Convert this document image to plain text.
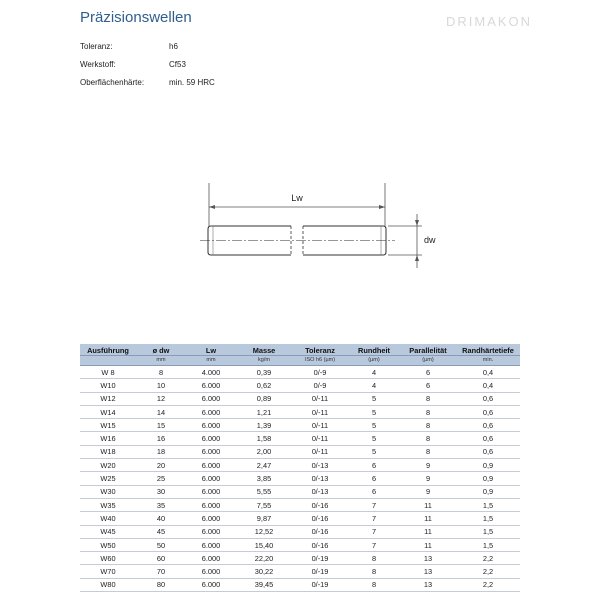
Präzisionswellen	DRIMAKON
Toleranz:	h6
Werkstoff:	Cf53
Oberflächenhärte:	min. 59 HRC
Lw
dw
Ausführung	ø dw	Lw	Masse	Toleranz	Rundheit	Parallelität	Randhärtetiefe
	mm	mm	kg/m	ISO h6 (µm)	(µm)	(µm)	min.
W 8	8	4.000	0,39	0/-9	4	6	0,4
W10	10	6.000	0,62	0/-9	4	6	0,4
W12	12	6.000	0,89	0/-11	5	8	0,6
W14	14	6.000	1,21	0/-11	5	8	0,6
W15	15	6.000	1,39	0/-11	5	8	0,6
W16	16	6.000	1,58	0/-11	5	8	0,6
W18	18	6.000	2,00	0/-11	5	8	0,6
W20	20	6.000	2,47	0/-13	6	9	0,9
W25	25	6.000	3,85	0/-13	6	9	0,9
W30	30	6.000	5,55	0/-13	6	9	0,9
W35	35	6.000	7,55	0/-16	7	11	1,5
W40	40	6.000	9,87	0/-16	7	11	1,5
W45	45	6.000	12,52	0/-16	7	11	1,5
W50	50	6.000	15,40	0/-16	7	11	1,5
W60	60	6.000	22,20	0/-19	8	13	2,2
W70	70	6.000	30,22	0/-19	8	13	2,2
W80	80	6.000	39,45	0/-19	8	13	2,2
